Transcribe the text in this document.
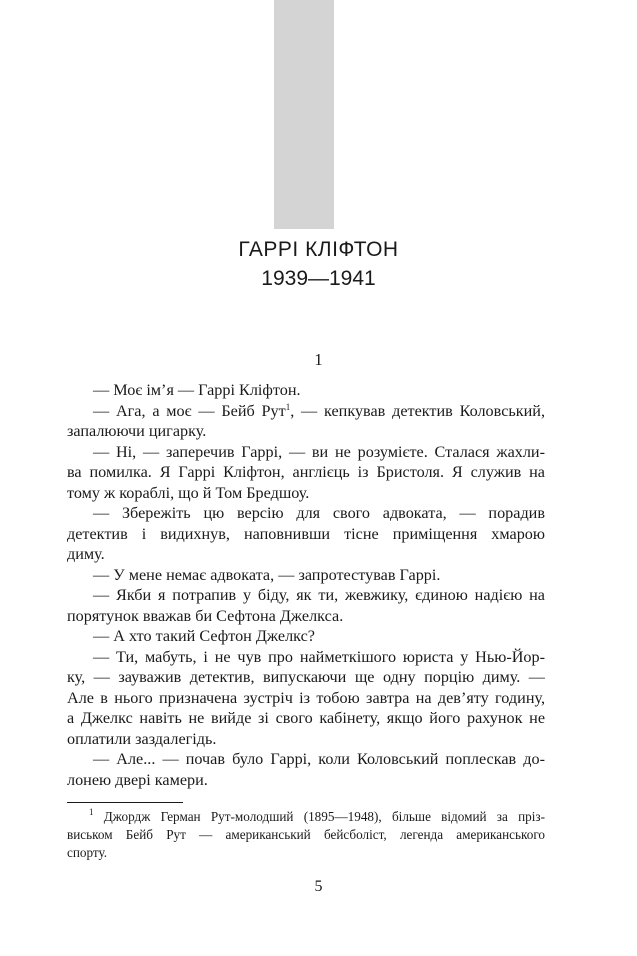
ГАРРІ КЛІФТОН
1939—1941
1
— Моє ім’я — Гаррі Кліфтон.
— Ага, а моє — Бейб Рут$^1$, — кепкував детектив Коловський,
запалюючи цигарку.
— Ні, — заперечив Гаррі, — ви не розумієте. Сталася жахли-
ва помилка. Я Гаррі Кліфтон, англієць із Бристоля. Я служив на
тому ж кораблі, що й Том Бредшоу.
— Збережіть цю версію для свого адвоката, — порадив
детектив і видихнув, наповнивши тісне приміщення хмарою
диму.
— У мене немає адвоката, — запротестував Гаррі.
— Якби я потрапив у біду, як ти, жевжику, єдиною надією на
порятунок вважав би Сефтона Джелкса.
— А хто такий Сефтон Джелкс?
— Ти, мабуть, і не чув про найметкішого юриста у Нью-Йор-
ку, — зауважив детектив, випускаючи ще одну порцію диму. —
Але в нього призначена зустріч із тобою завтра на дев’яту годину,
а Джелкс навіть не вийде зі свого кабінету, якщо його рахунок не
оплатили заздалегідь.
— Але... — почав було Гаррі, коли Коловський поплескав до-
лонею двері камери.
$^1$ Джордж Герман Рут-молодший (1895—1948), більше відомий за пріз-
виськом Бейб Рут — американський бейсболіст, легенда американського
спорту.
5
